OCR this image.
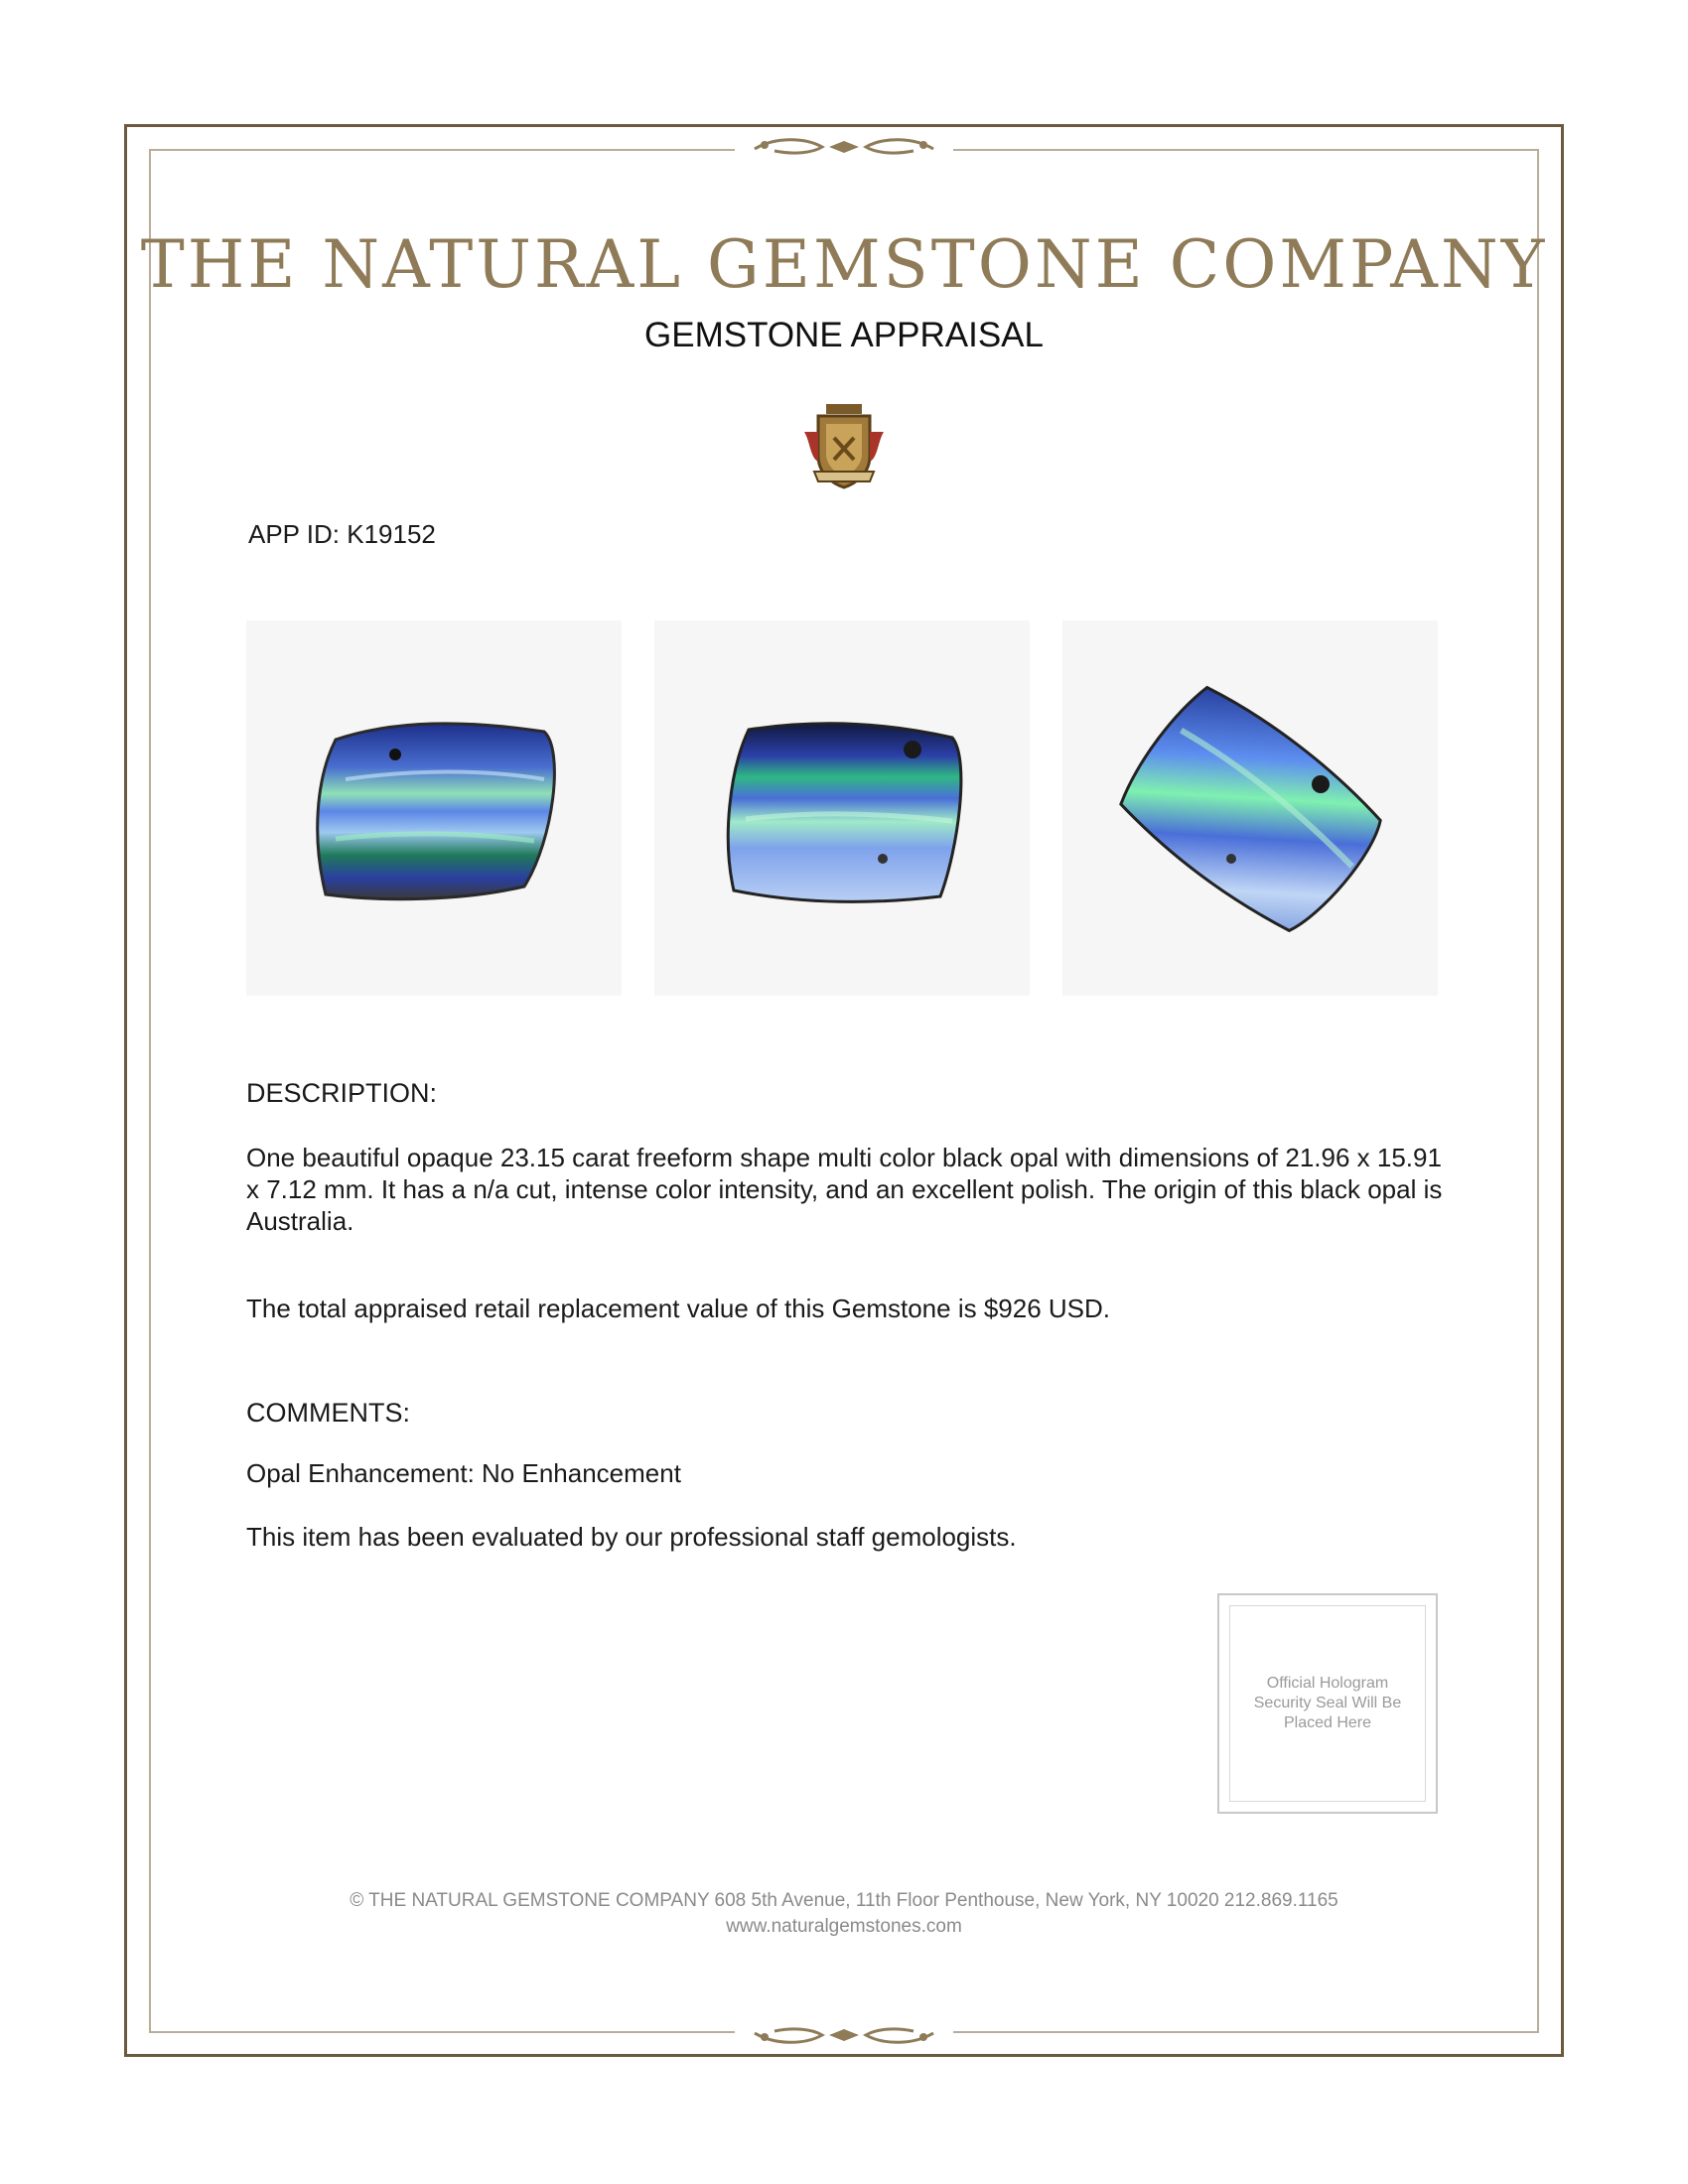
THE NATURAL GEMSTONE COMPANY
GEMSTONE APPRAISAL
APP ID: K19152
DESCRIPTION:
One beautiful opaque 23.15 carat freeform shape multi color black opal with dimensions of 21.96 x 15.91 x 7.12 mm. It has a n/a cut, intense color intensity, and an excellent polish. The origin of this black opal is Australia.
The total appraised retail replacement value of this Gemstone is $926 USD.
COMMENTS:
Opal Enhancement: No Enhancement
This item has been evaluated by our professional staff gemologists.
Official Hologram Security Seal Will Be Placed Here
© THE NATURAL GEMSTONE COMPANY 608 5th Avenue, 11th Floor Penthouse, New York, NY 10020 212.869.1165
www.naturalgemstones.com
